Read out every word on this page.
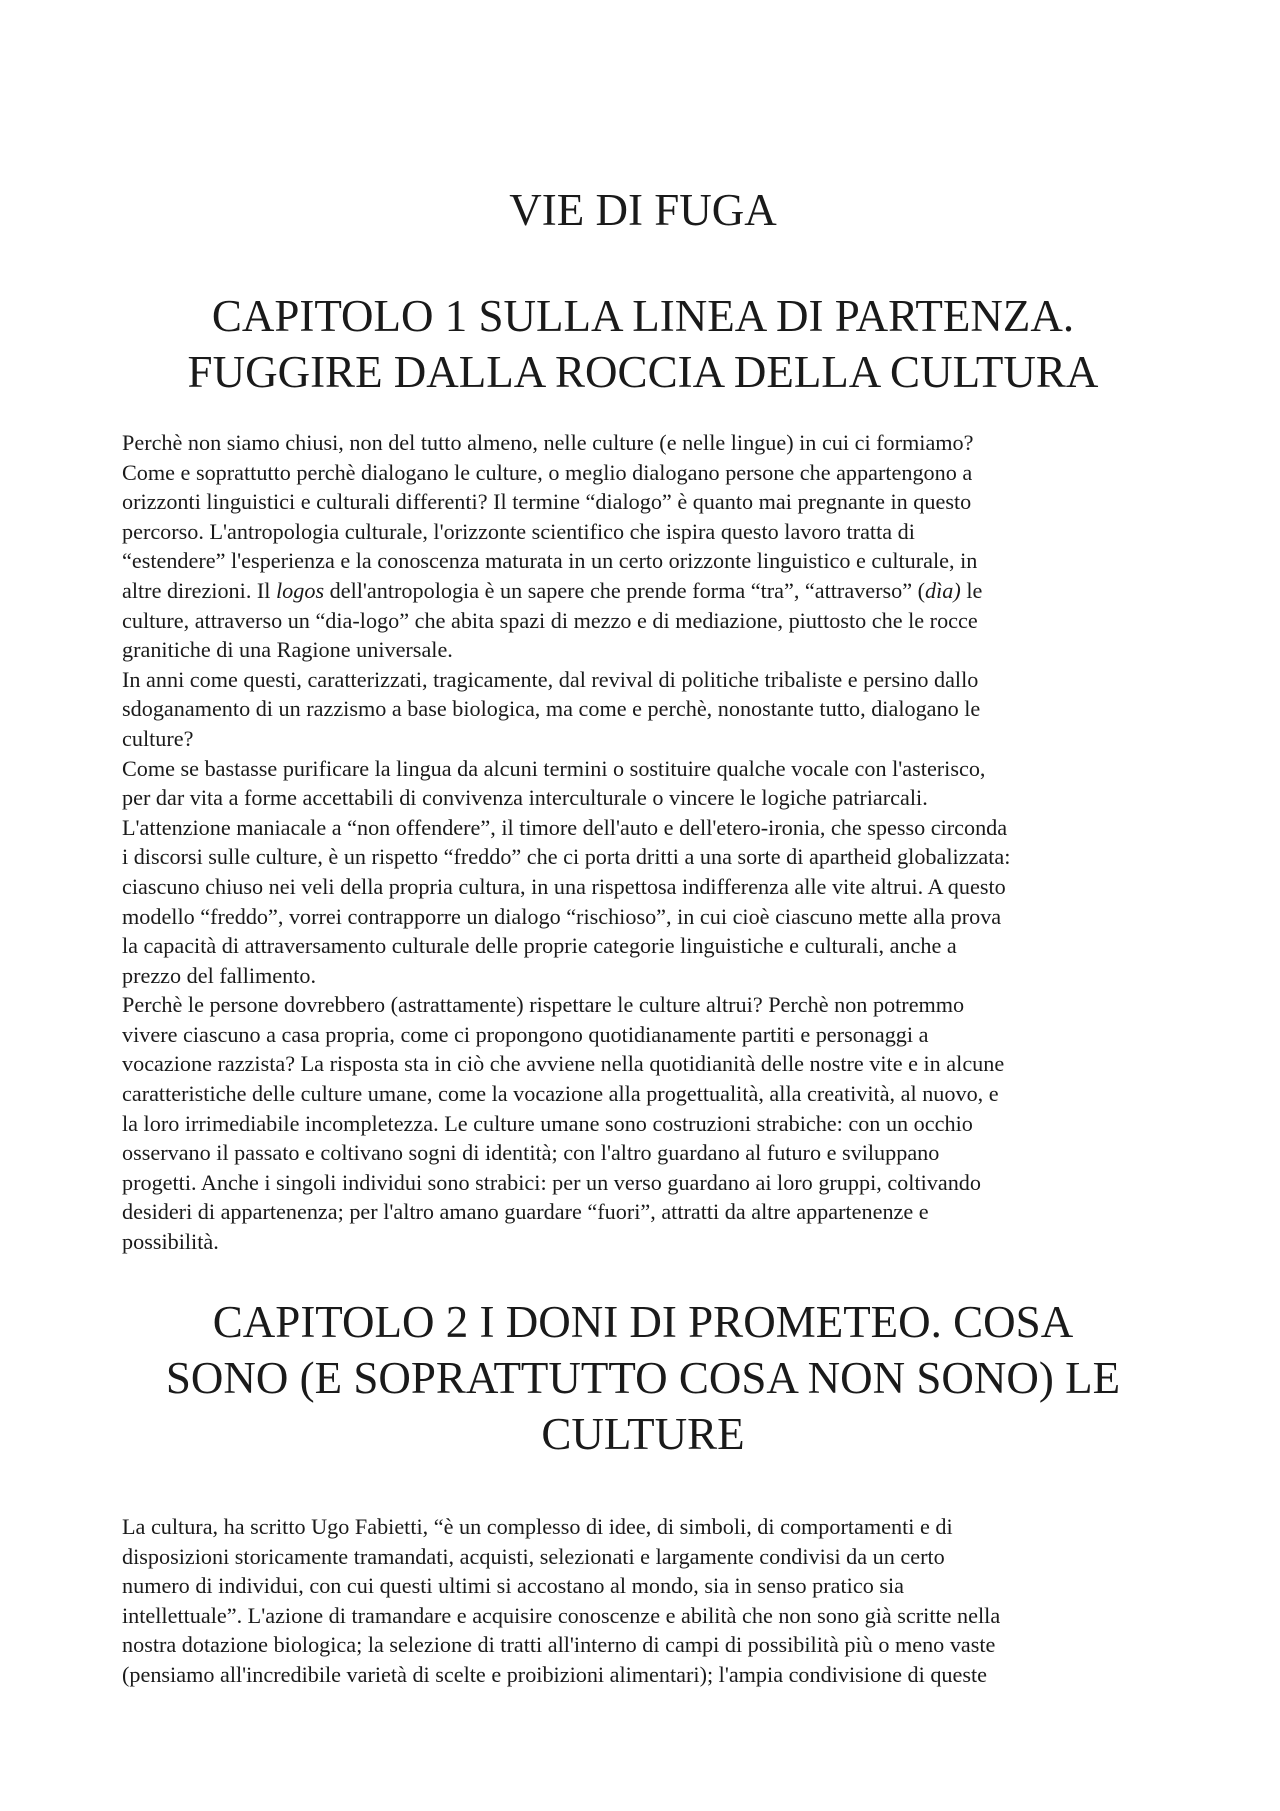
VIE DI FUGA
CAPITOLO 1 SULLA LINEA DI PARTENZA.
FUGGIRE DALLA ROCCIA DELLA CULTURA
Perchè non siamo chiusi, non del tutto almeno, nelle culture (e nelle lingue) in cui ci formiamo?
Come e soprattutto perchè dialogano le culture, o meglio dialogano persone che appartengono a
orizzonti linguistici e culturali differenti? Il termine “dialogo” è quanto mai pregnante in questo
percorso. L'antropologia culturale, l'orizzonte scientifico che ispira questo lavoro tratta di
“estendere” l'esperienza e la conoscenza maturata in un certo orizzonte linguistico e culturale, in
altre direzioni. Il logos dell'antropologia è un sapere che prende forma “tra”, “attraverso” (dìa) le
culture, attraverso un “dia-logo” che abita spazi di mezzo e di mediazione, piuttosto che le rocce
granitiche di una Ragione universale.
In anni come questi, caratterizzati, tragicamente, dal revival di politiche tribaliste e persino dallo
sdoganamento di un razzismo a base biologica, ma come e perchè, nonostante tutto, dialogano le
culture?
Come se bastasse purificare la lingua da alcuni termini o sostituire qualche vocale con l'asterisco,
per dar vita a forme accettabili di convivenza interculturale o vincere le logiche patriarcali.
L'attenzione maniacale a “non offendere”, il timore dell'auto e dell'etero-ironia, che spesso circonda
i discorsi sulle culture, è un rispetto “freddo” che ci porta dritti a una sorte di apartheid globalizzata:
ciascuno chiuso nei veli della propria cultura, in una rispettosa indifferenza alle vite altrui. A questo
modello “freddo”, vorrei contrapporre un dialogo “rischioso”, in cui cioè ciascuno mette alla prova
la capacità di attraversamento culturale delle proprie categorie linguistiche e culturali, anche a
prezzo del fallimento.
Perchè le persone dovrebbero (astrattamente) rispettare le culture altrui? Perchè non potremmo
vivere ciascuno a casa propria, come ci propongono quotidianamente partiti e personaggi a
vocazione razzista? La risposta sta in ciò che avviene nella quotidianità delle nostre vite e in alcune
caratteristiche delle culture umane, come la vocazione alla progettualità, alla creatività, al nuovo, e
la loro irrimediabile incompletezza. Le culture umane sono costruzioni strabiche: con un occhio
osservano il passato e coltivano sogni di identità; con l'altro guardano al futuro e sviluppano
progetti. Anche i singoli individui sono strabici: per un verso guardano ai loro gruppi, coltivando
desideri di appartenenza; per l'altro amano guardare “fuori”, attratti da altre appartenenze e
possibilità.
CAPITOLO 2 I DONI DI PROMETEO. COSA
SONO (E SOPRATTUTTO COSA NON SONO) LE
CULTURE
La cultura, ha scritto Ugo Fabietti, “è un complesso di idee, di simboli, di comportamenti e di
disposizioni storicamente tramandati, acquisti, selezionati e largamente condivisi da un certo
numero di individui, con cui questi ultimi si accostano al mondo, sia in senso pratico sia
intellettuale”. L'azione di tramandare e acquisire conoscenze e abilità che non sono già scritte nella
nostra dotazione biologica; la selezione di tratti all'interno di campi di possibilità più o meno vaste
(pensiamo all'incredibile varietà di scelte e proibizioni alimentari); l'ampia condivisione di queste
